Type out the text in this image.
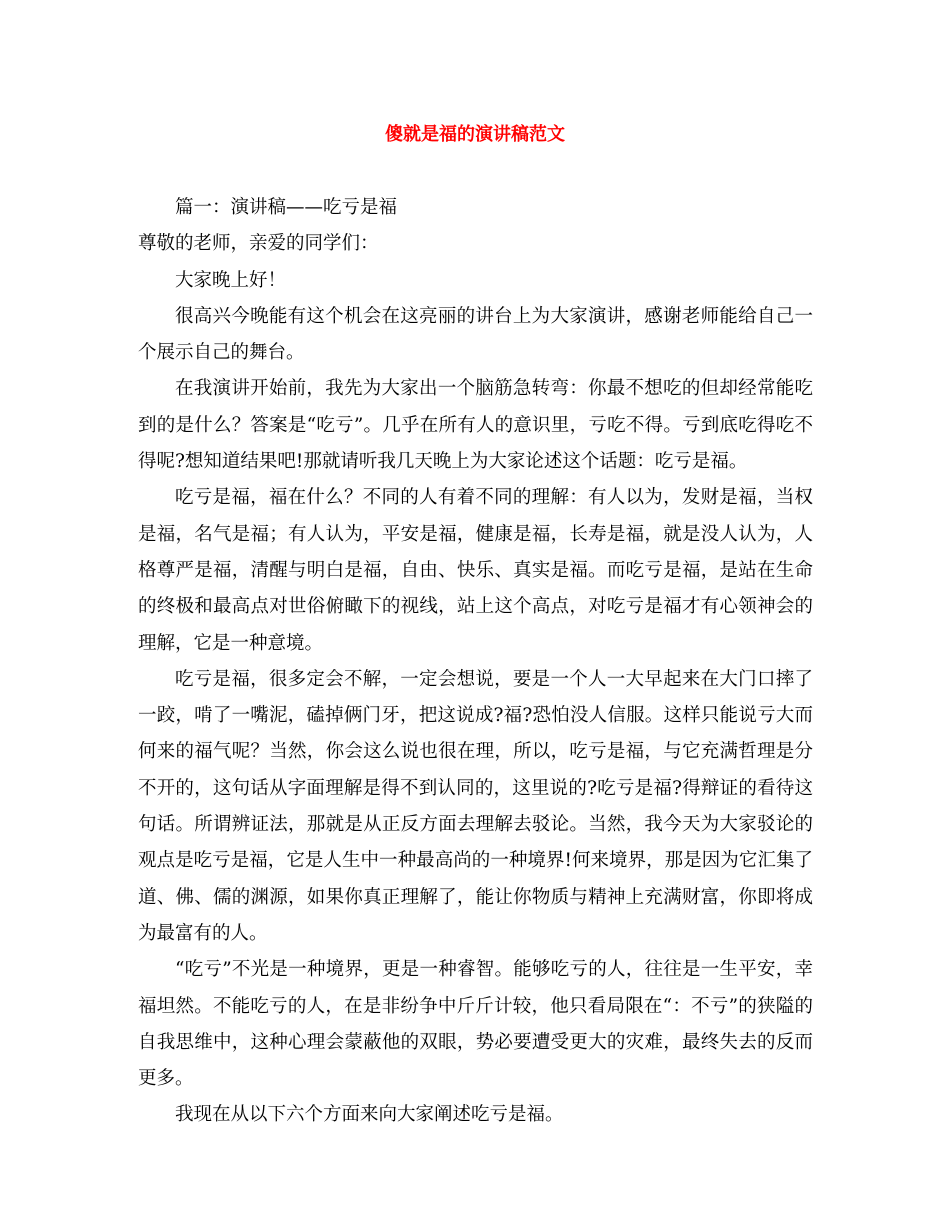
傻就是福的演讲稿范文

篇一：演讲稿——吃亏是福

尊敬的老师，亲爱的同学们：

大家晚上好！

很高兴今晚能有这个机会在这亮丽的讲台上为大家演讲，感谢老师能给自己一个展示自己的舞台。

在我演讲开始前，我先为大家出一个脑筋急转弯：你最不想吃的但却经常能吃到的是什么？答案是“吃亏”。几乎在所有人的意识里，亏吃不得。亏到底吃得吃不得呢?想知道结果吧!那就请听我几天晚上为大家论述这个话题：吃亏是福。

吃亏是福，福在什么？不同的人有着不同的理解：有人以为，发财是福，当权是福，名气是福；有人认为，平安是福，健康是福，长寿是福，就是没人认为，人格尊严是福，清醒与明白是福，自由、快乐、真实是福。而吃亏是福，是站在生命的终极和最高点对世俗俯瞰下的视线，站上这个高点，对吃亏是福才有心领神会的理解，它是一种意境。

吃亏是福，很多定会不解，一定会想说，要是一个人一大早起来在大门口摔了一跤，啃了一嘴泥，磕掉俩门牙，把这说成?福?恐怕没人信服。这样只能说亏大而何来的福气呢？当然，你会这么说也很在理，所以，吃亏是福，与它充满哲理是分不开的，这句话从字面理解是得不到认同的，这里说的?吃亏是福?得辩证的看待这句话。所谓辨证法，那就是从正反方面去理解去驳论。当然，我今天为大家驳论的观点是吃亏是福，它是人生中一种最高尚的一种境界!何来境界，那是因为它汇集了道、佛、儒的渊源，如果你真正理解了，能让你物质与精神上充满财富，你即将成为最富有的人。

“吃亏”不光是一种境界，更是一种睿智。能够吃亏的人，往往是一生平安，幸福坦然。不能吃亏的人，在是非纷争中斤斤计较，他只看局限在“：不亏”的狭隘的自我思维中，这种心理会蒙蔽他的双眼，势必要遭受更大的灾难，最终失去的反而更多。

我现在从以下六个方面来向大家阐述吃亏是福。
